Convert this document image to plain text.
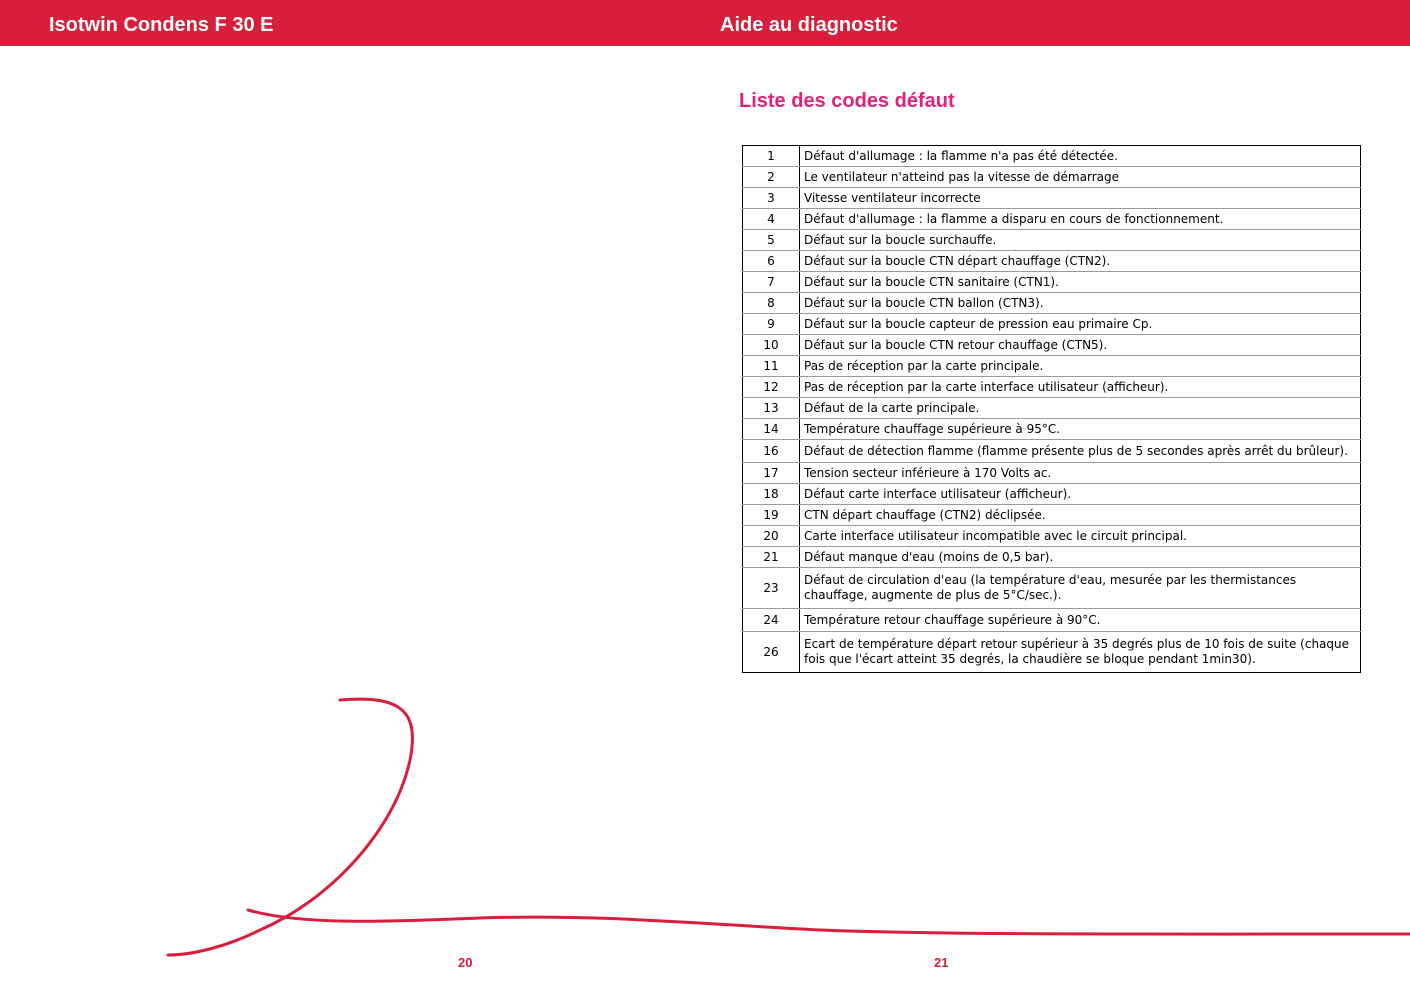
Isotwin Condens F 30 E	Aide au diagnostic
Liste des codes défaut
1	Défaut d'allumage : la flamme n'a pas été détectée.
2	Le ventilateur n'atteind pas la vitesse de démarrage
3	Vitesse ventilateur incorrecte
4	Défaut d'allumage : la flamme a disparu en cours de fonctionnement.
5	Défaut sur la boucle surchauffe.
6	Défaut sur la boucle CTN départ chauffage (CTN2).
7	Défaut sur la boucle CTN sanitaire (CTN1).
8	Défaut sur la boucle CTN ballon (CTN3).
9	Défaut sur la boucle capteur de pression eau primaire Cp.
10	Défaut sur la boucle CTN retour chauffage (CTN5).
11	Pas de réception par la carte principale.
12	Pas de réception par la carte interface utilisateur (afficheur).
13	Défaut de la carte principale.
14	Température chauffage supérieure à 95°C.
16	Défaut de détection flamme (flamme présente plus de 5 secondes après arrêt du brûleur).
17	Tension secteur inférieure à 170 Volts ac.
18	Défaut carte interface utilisateur (afficheur).
19	CTN départ chauffage (CTN2) déclipsée.
20	Carte interface utilisateur incompatible avec le circuit principal.
21	Défaut manque d'eau (moins de 0,5 bar).
23	Défaut de circulation d'eau (la température d'eau, mesurée par les thermistances chauffage, augmente de plus de 5°C/sec.).
24	Température retour chauffage supérieure à 90°C.
26	Ecart de température départ retour supérieur à 35 degrés plus de 10 fois de suite (chaque fois que l'écart atteint 35 degrés, la chaudière se bloque pendant 1min30).
20	21
